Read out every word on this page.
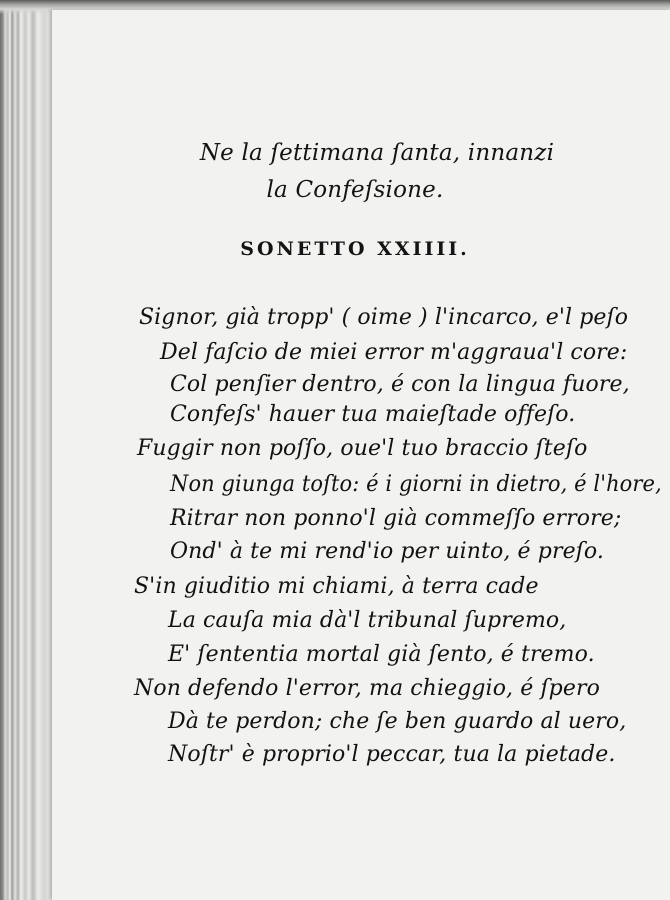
Ne la ſettimana ſanta, innanzi
la Confeſsione.
SONETTO XXIIII.
Signor, già tropp' ( oime ) l'incarco, e'l peſo
Del faſcio de miei error m'aggraua'l core:
Col penſier dentro, é con la lingua fuore,
Confeſs' hauer tua maieſtade offeſo.
Fuggir non poſſo, oue'l tuo braccio ſteſo
Non giunga toſto: é i giorni in dietro, é l'hore,
Ritrar non ponno'l già commeſſo errore;
Ond' à te mi rend'io per uinto, é preſo.
S'in giuditio mi chiami, à terra cade
La cauſa mia dà'l tribunal ſupremo,
E' ſententia mortal già ſento, é tremo.
Non defendo l'error, ma chieggio, é ſpero
Dà te perdon; che ſe ben guardo al uero,
Noſtr' è proprio'l peccar, tua la pietade.
